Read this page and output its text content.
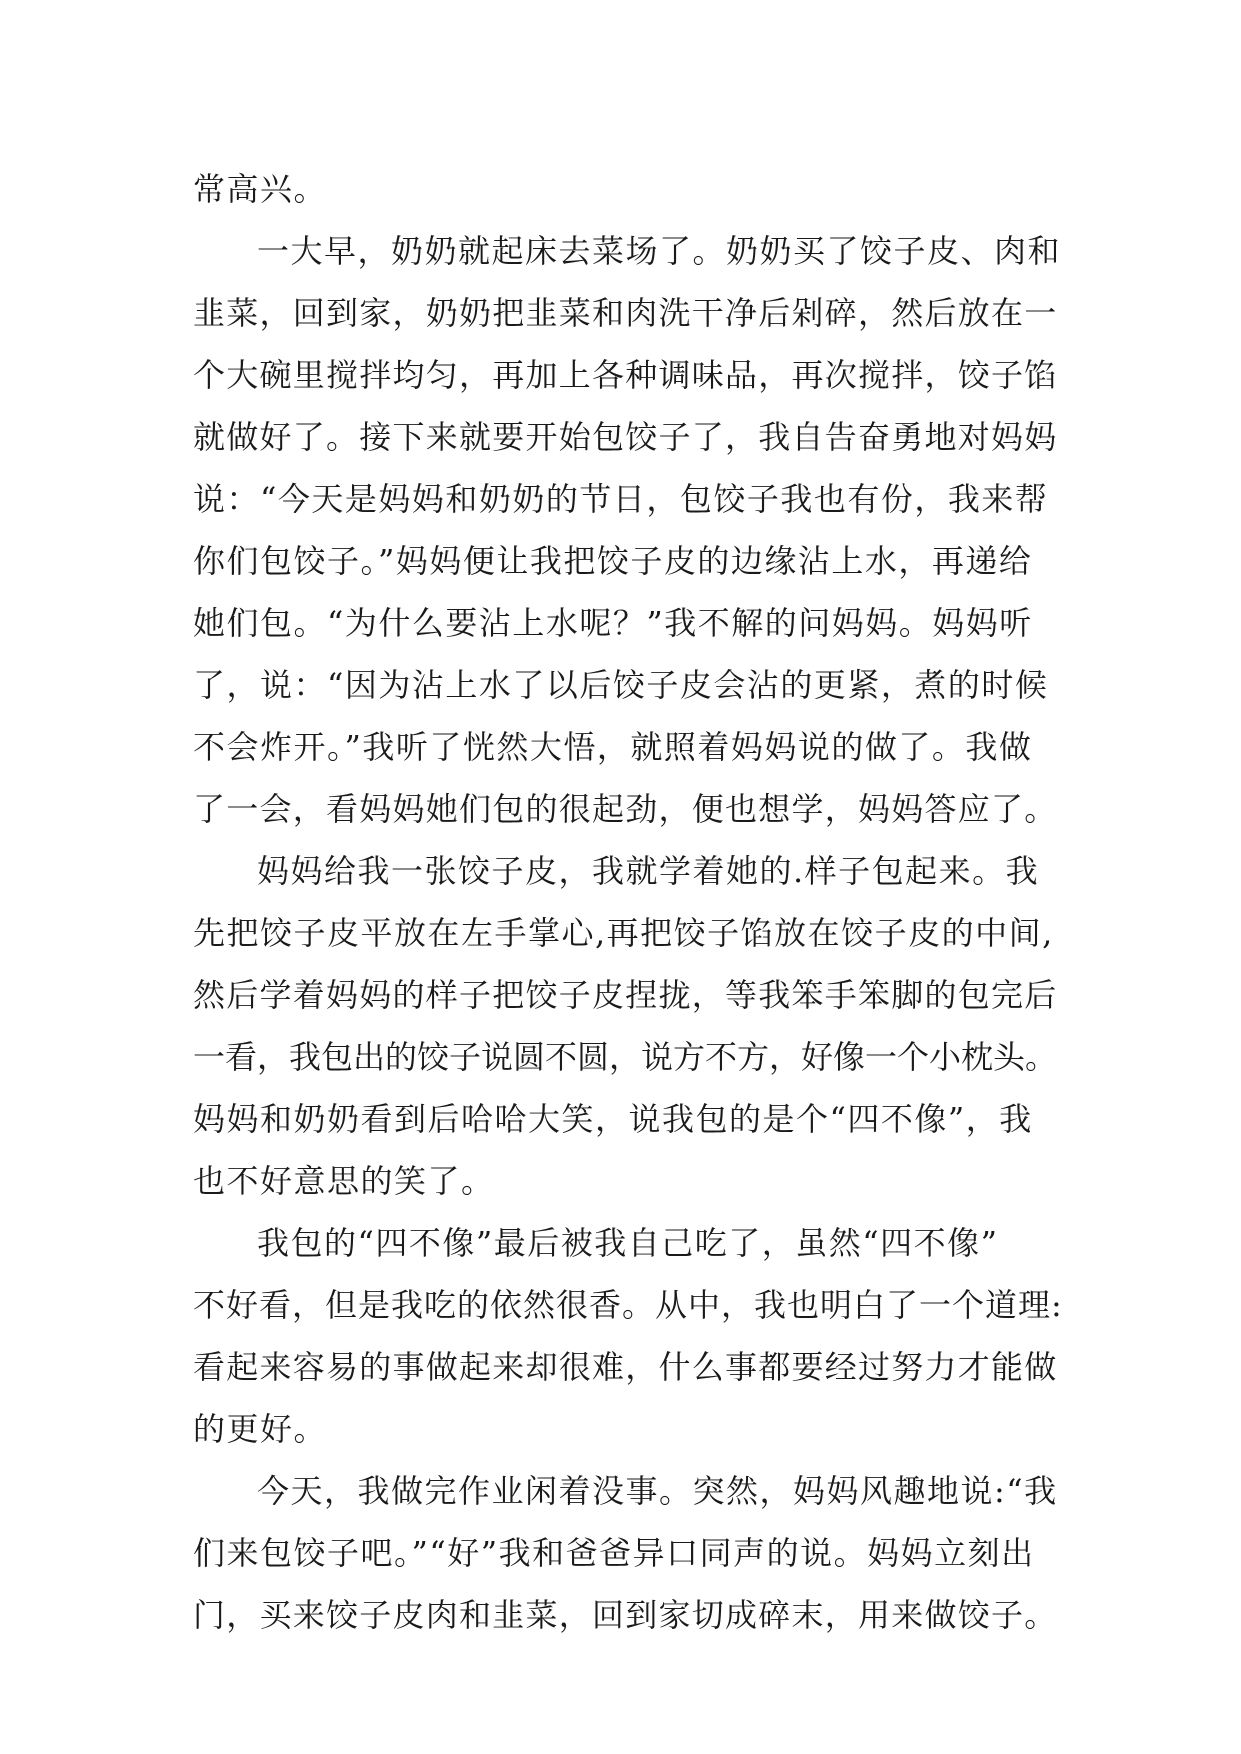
常高兴。
一大早，奶奶就起床去菜场了。奶奶买了饺子皮、肉和
韭菜，回到家，奶奶把韭菜和肉洗干净后剁碎，然后放在一
个大碗里搅拌均匀，再加上各种调味品，再次搅拌，饺子馅
就做好了。接下来就要开始包饺子了，我自告奋勇地对妈妈
说：“今天是妈妈和奶奶的节日，包饺子我也有份，我来帮
你们包饺子。”妈妈便让我把饺子皮的边缘沾上水，再递给
她们包。“为什么要沾上水呢？”我不解的问妈妈。妈妈听
了，说：“因为沾上水了以后饺子皮会沾的更紧，煮的时候
不会炸开。”我听了恍然大悟，就照着妈妈说的做了。我做
了一会，看妈妈她们包的很起劲，便也想学，妈妈答应了。
妈妈给我一张饺子皮，我就学着她的.样子包起来。我
先把饺子皮平放在左手掌心,再把饺子馅放在饺子皮的中间,
然后学着妈妈的样子把饺子皮捏拢，等我笨手笨脚的包完后
一看，我包出的饺子说圆不圆，说方不方，好像一个小枕头。
妈妈和奶奶看到后哈哈大笑，说我包的是个“四不像”，我
也不好意思的笑了。
我包的“四不像”最后被我自己吃了，虽然“四不像”
不好看，但是我吃的依然很香。从中，我也明白了一个道理:
看起来容易的事做起来却很难，什么事都要经过努力才能做
的更好。
今天，我做完作业闲着没事。突然，妈妈风趣地说:“我
们来包饺子吧。”“好”我和爸爸异口同声的说。妈妈立刻出
门，买来饺子皮肉和韭菜，回到家切成碎末，用来做饺子。
